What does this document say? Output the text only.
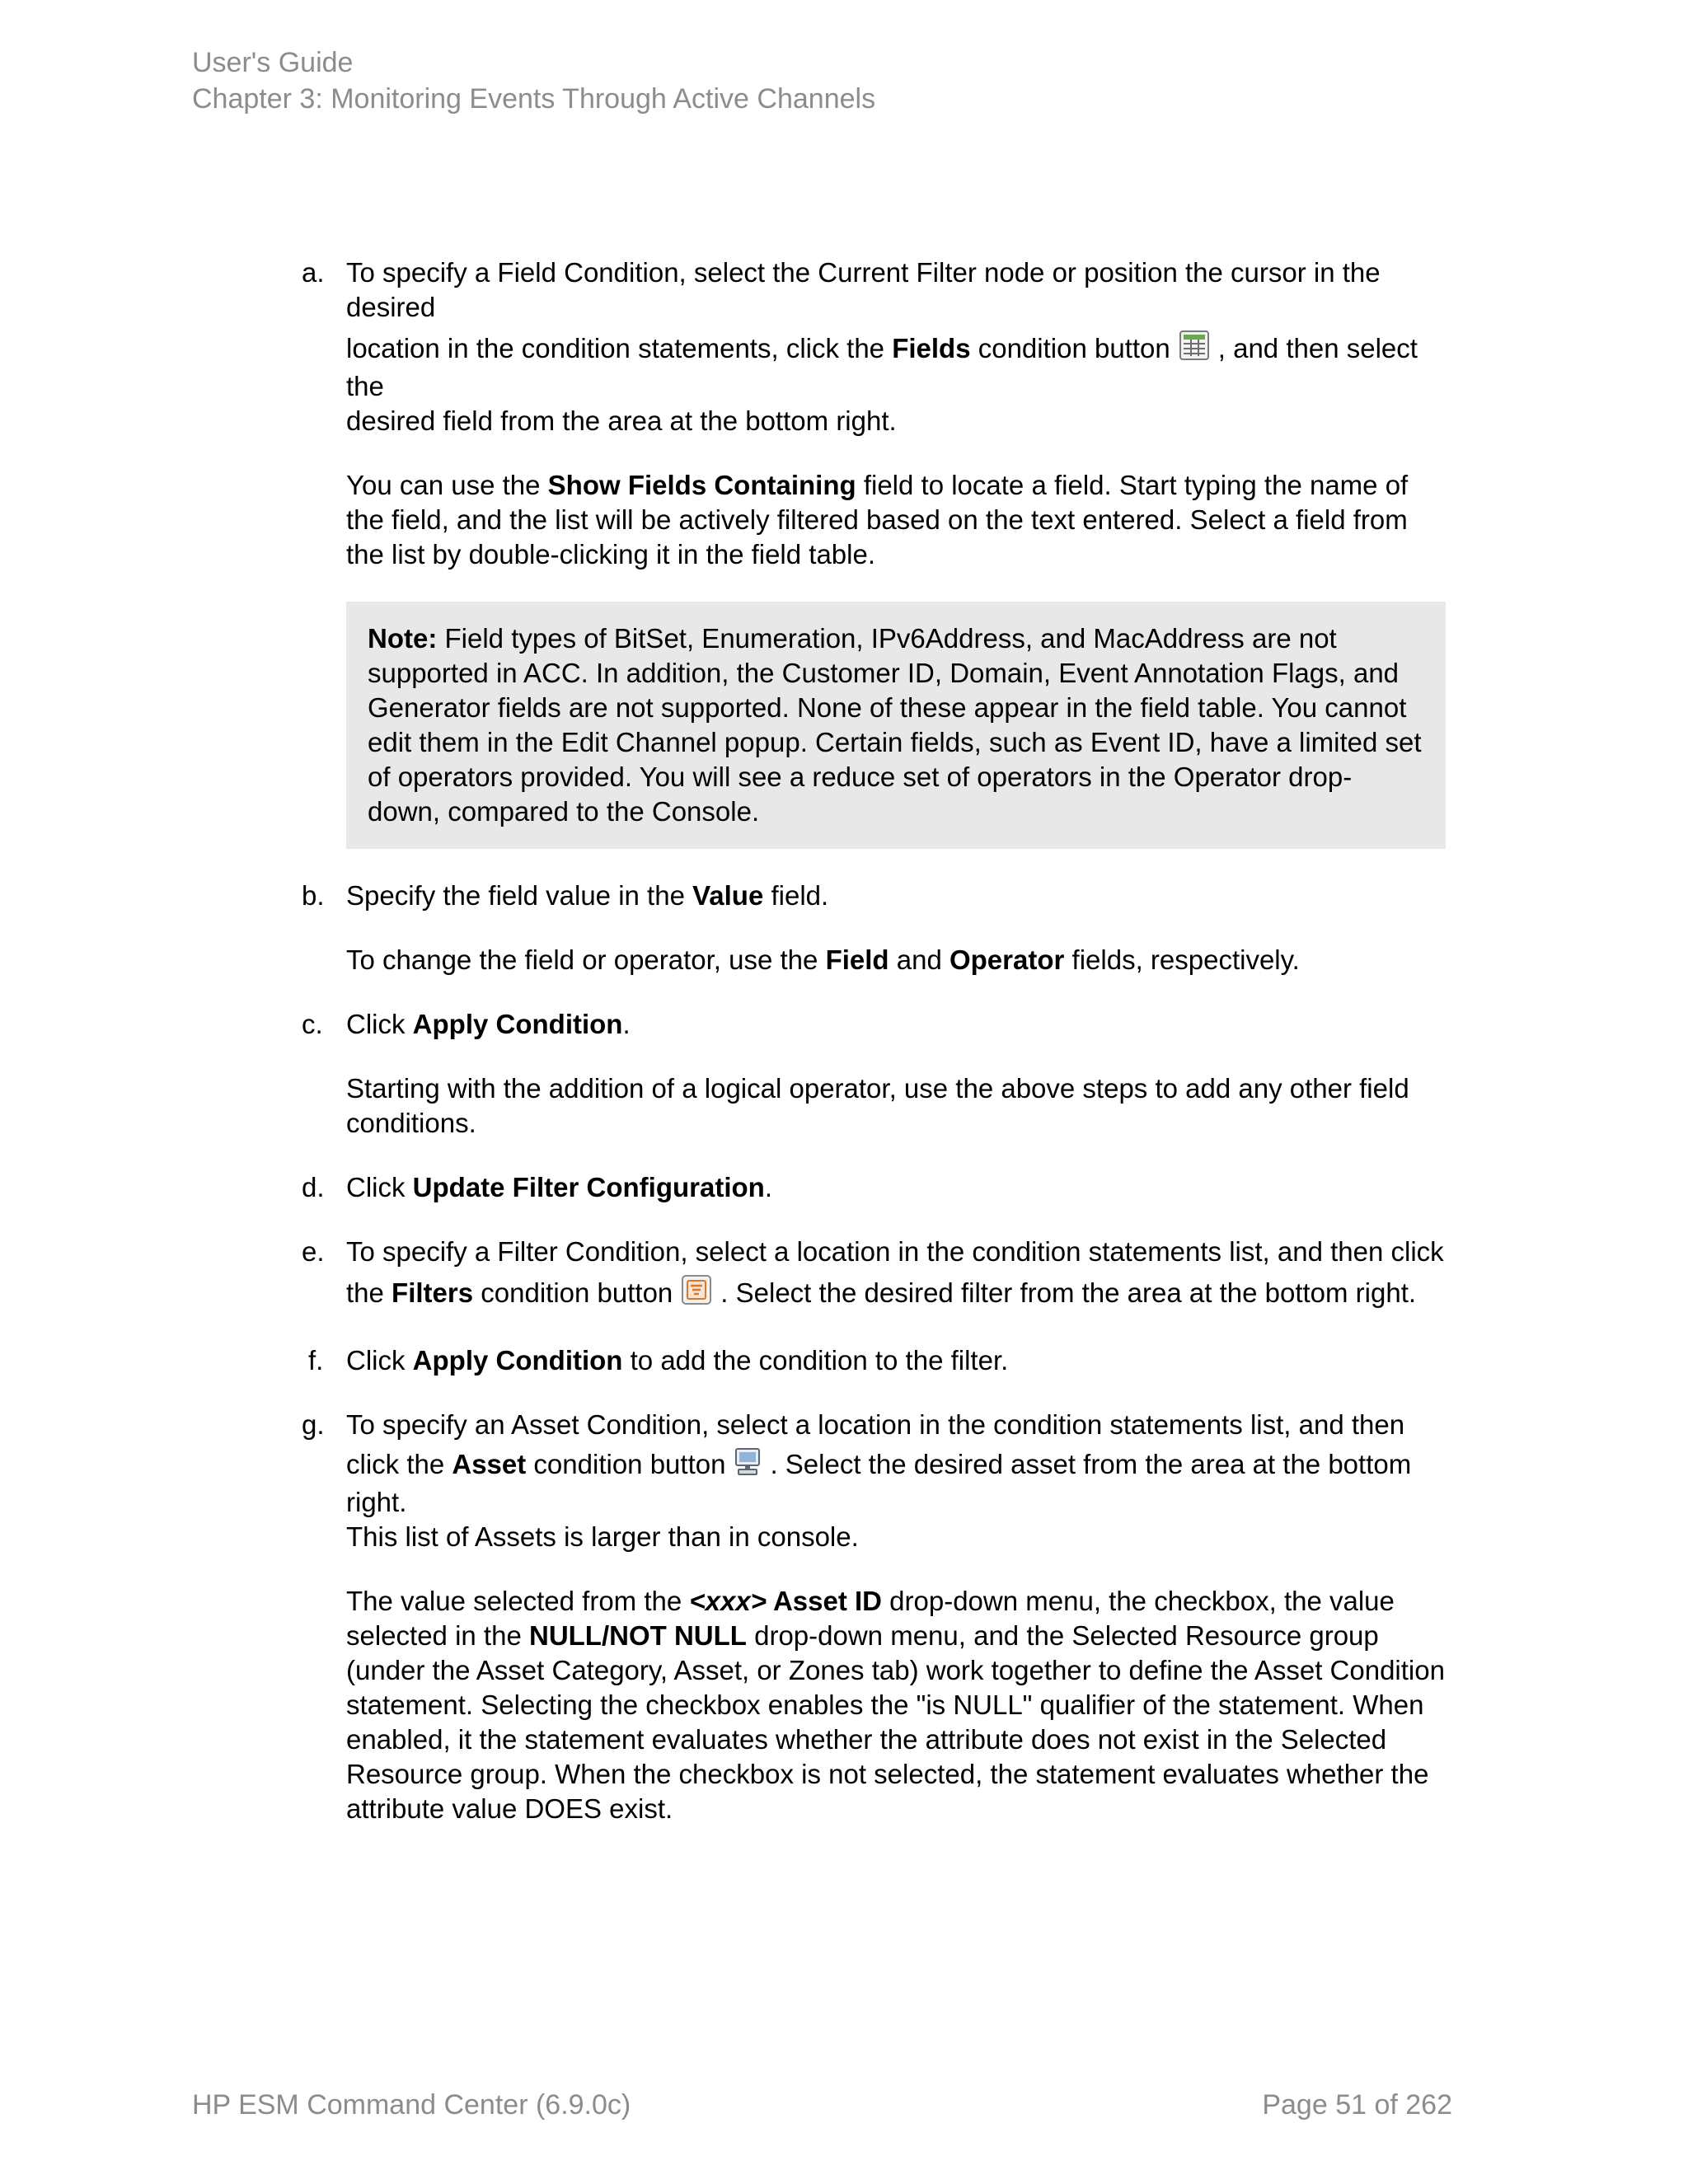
User's Guide
Chapter 3: Monitoring Events Through Active Channels
a. To specify a Field Condition, select the Current Filter node or position the cursor in the desired
location in the condition statements, click the Fields condition button , and then select the
desired field from the area at the bottom right.
You can use the Show Fields Containing field to locate a field. Start typing the name of the field, and the list will be actively filtered based on the text entered. Select a field from the list by double-clicking it in the field table.
Note: Field types of BitSet, Enumeration, IPv6Address, and MacAddress are not supported in ACC. In addition, the Customer ID, Domain, Event Annotation Flags, and Generator fields are not supported. None of these appear in the field table. You cannot edit them in the Edit Channel popup. Certain fields, such as Event ID, have a limited set of operators provided. You will see a reduce set of operators in the Operator drop-down, compared to the Console.
b. Specify the field value in the Value field.
To change the field or operator, use the Field and Operator fields, respectively.
c. Click Apply Condition.
Starting with the addition of a logical operator, use the above steps to add any other field conditions.
d. Click Update Filter Configuration.
e. To specify a Filter Condition, select a location in the condition statements list, and then click
the Filters condition button . Select the desired filter from the area at the bottom right.
f. Click Apply Condition to add the condition to the filter.
g. To specify an Asset Condition, select a location in the condition statements list, and then
click the Asset condition button . Select the desired asset from the area at the bottom right.
This list of Assets is larger than in console.
The value selected from the <xxx> Asset ID drop-down menu, the checkbox, the value selected in the NULL/NOT NULL drop-down menu, and the Selected Resource group (under the Asset Category, Asset, or Zones tab) work together to define the Asset Condition statement. Selecting the checkbox enables the "is NULL" qualifier of the statement. When enabled, it the statement evaluates whether the attribute does not exist in the Selected Resource group. When the checkbox is not selected, the statement evaluates whether the attribute value DOES exist.
HP ESM Command Center (6.9.0c)	Page 51 of 262
